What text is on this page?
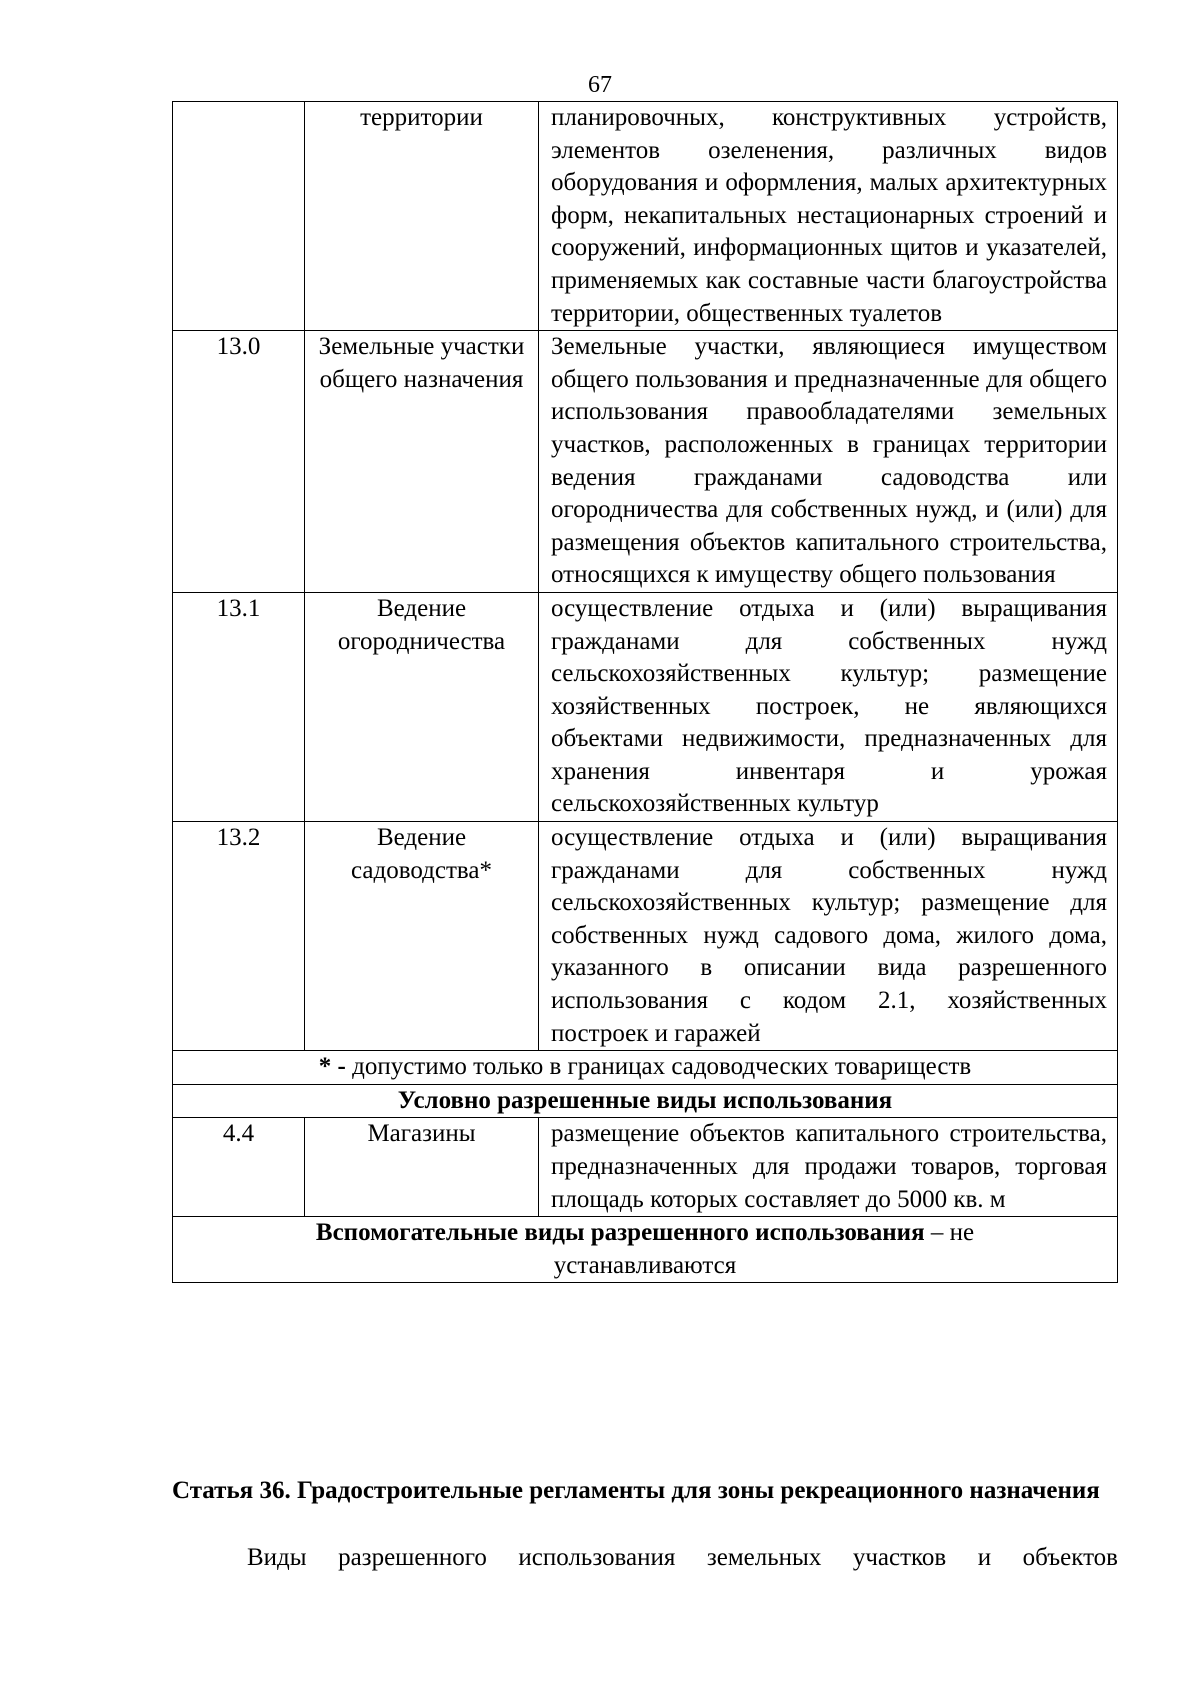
67
	территории	планировочных, конструктивных устройств, элементов озеленения, различных видов оборудования и оформления, малых архитектурных форм, некапитальных нестационарных строений и сооружений, информационных щитов и указателей, применяемых как составные части благоустройства территории, общественных туалетов
13.0	Земельные участки общего назначения	Земельные участки, являющиеся имуществом общего пользования и предназначенные для общего использования правообладателями земельных участков, расположенных в границах территории ведения гражданами садоводства или огородничества для собственных нужд, и (или) для размещения объектов капитального строительства, относящихся к имуществу общего пользования
13.1	Ведение огородничества	осуществление отдыха и (или) выращивания гражданами для собственных нужд сельскохозяйственных культур; размещение хозяйственных построек, не являющихся объектами недвижимости, предназначенных для хранения инвентаря и урожая сельскохозяйственных культур
13.2	Ведение садоводства*	осуществление отдыха и (или) выращивания гражданами для собственных нужд сельскохозяйственных культур; размещение для собственных нужд садового дома, жилого дома, указанного в описании вида разрешенного использования с кодом 2.1, хозяйственных построек и гаражей
* - допустимо только в границах садоводческих товариществ		
Условно разрешенные виды использования		
4.4	Магазины	размещение объектов капитального строительства, предназначенных для продажи товаров, торговая площадь которых составляет до 5000 кв. м
Вспомогательные виды разрешенного использования – не устанавливаются		
Статья 36. Градостроительные регламенты для зоны рекреационного назначения
Виды разрешенного использования земельных участков и объектов
